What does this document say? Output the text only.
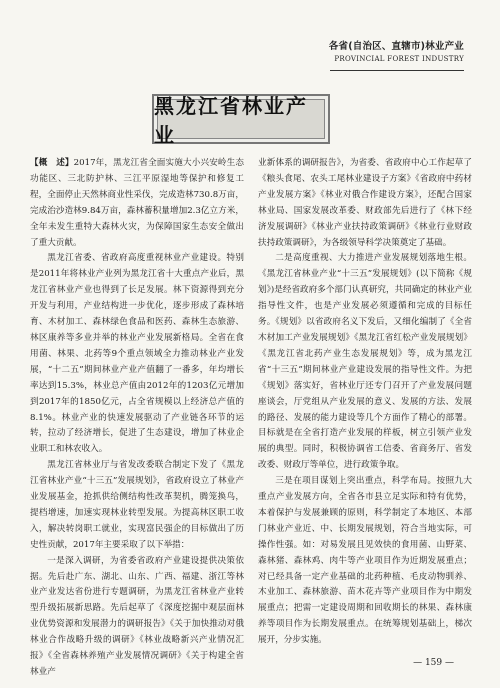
各省(自治区、直辖市)林业产业
PROVINCIAL FOREST INDUSTRY
黑龙江省林业产业

【概　述】2017年，黑龙江省全面实施大小兴安岭生态功能区、三北防护林、三江平原湿地等保护和修复工程，全面停止天然林商业性采伐，完成造林730.8万亩，完成治沙造林9.84万亩，森林蓄积量增加2.3亿立方米，全年未发生重特大森林火灾，为保障国家生态安全做出了重大贡献。

黑龙江省委、省政府高度重视林业产业建设。特别是2011年将林业产业列为黑龙江省十大重点产业后，黑龙江省林业产业也得到了长足发展。林下资源得到充分开发与利用，产业结构进一步优化，逐步形成了森林培育、木材加工、森林绿色食品和医药、森林生态旅游、林区康养等多业并举的林业产业发展新格局。全省在食用菌、林果、北药等9个重点领域全力推动林业产业发展，“十二五”期间林业产业产值翻了一番多，年均增长率达到15.3%，林业总产值由2012年的1203亿元增加到2017年的1850亿元，占全省规模以上经济总产值的8.1%。林业产业的快速发展驱动了产业链各环节的运转，拉动了经济增长，促进了生态建设，增加了林业企业职工和林农收入。

黑龙江省林业厅与省发改委联合制定下发了《黑龙江省林业产业“十三五”发展规划》，省政府设立了林业产业发展基金，抢抓供给侧结构性改革契机，腾笼换鸟，提档增速，加速实现林业转型发展。为提高林区职工收入，解决转岗职工就业，实现富民强企的目标做出了历史性贡献，2017年主要采取了以下举措：

一是深入调研，为省委省政府产业建设提供决策依据。先后赴广东、湖北、山东、广西、福建、浙江等林业产业发达省份进行专题调研，为黑龙江省林业产业转型升级拓展新思路。先后起草了《深度挖掘中观层面林业优势资源和发展潜力的调研报告》《关于加快推动对俄林业合作战略升级的调研》《林业战略新兴产业情况汇报》《全省森林养殖产业发展情况调研》《关于构建全省林业产

业新体系的调研报告》，为省委、省政府中心工作起草了《粮头食尾、农头工尾林业建设子方案》《省政府中药材产业发展方案》《林业对俄合作建设方案》，还配合国家林业局、国家发展改革委、财政部先后进行了《林下经济发展调研》《林业产业扶持政策调研》《林业行业财政扶持政策调研》，为各级领导科学决策奠定了基础。

二是高度重视、大力推进产业发展规划落地生根。《黑龙江省林业产业“十三五”发展规划》(以下简称《规划》)是经省政府多个部门认真研究，共同确定的林业产业指导性文件，也是产业发展必须遵循和完成的目标任务。《规划》以省政府名义下发后，又细化编制了《全省木材加工产业发展规划》《黑龙江省红松产业发展规划》《黑龙江省北药产业生态发展规划》等，成为黑龙江省“十三五”期间林业产业建设发展的指导性文件。为把《规划》落实好，省林业厅还专门召开了产业发展问题座谈会，厅党组从产业发展的意义、发展的方法、发展的路径、发展的能力建设等几个方面作了精心的部署。目标就是在全省打造产业发展的样板，树立引领产业发展的典型。同时，积极协调省工信委、省商务厅、省发改委、财政厅等单位，进行政策争取。

三是在项目谋划上突出重点，科学布局。按照九大重点产业发展方向，全省各市县立足实际和特有优势，本着保护与发展兼顾的原则，科学制定了本地区、本部门林业产业近、中、长期发展规划，符合当地实际，可操作性强。如：对易发展且见效快的食用菌、山野菜、森林猪、森林鸡、肉牛等产业项目作为近期发展重点；对已经具备一定产业基础的北药种植、毛皮动物驯养、木业加工、森林旅游、苗木花卉等产业项目作为中期发展重点；把需一定建设周期和回收期长的林果、森林康养等项目作为长期发展重点。在统筹规划基础上，梯次展开，分步实施。

— 159 —
